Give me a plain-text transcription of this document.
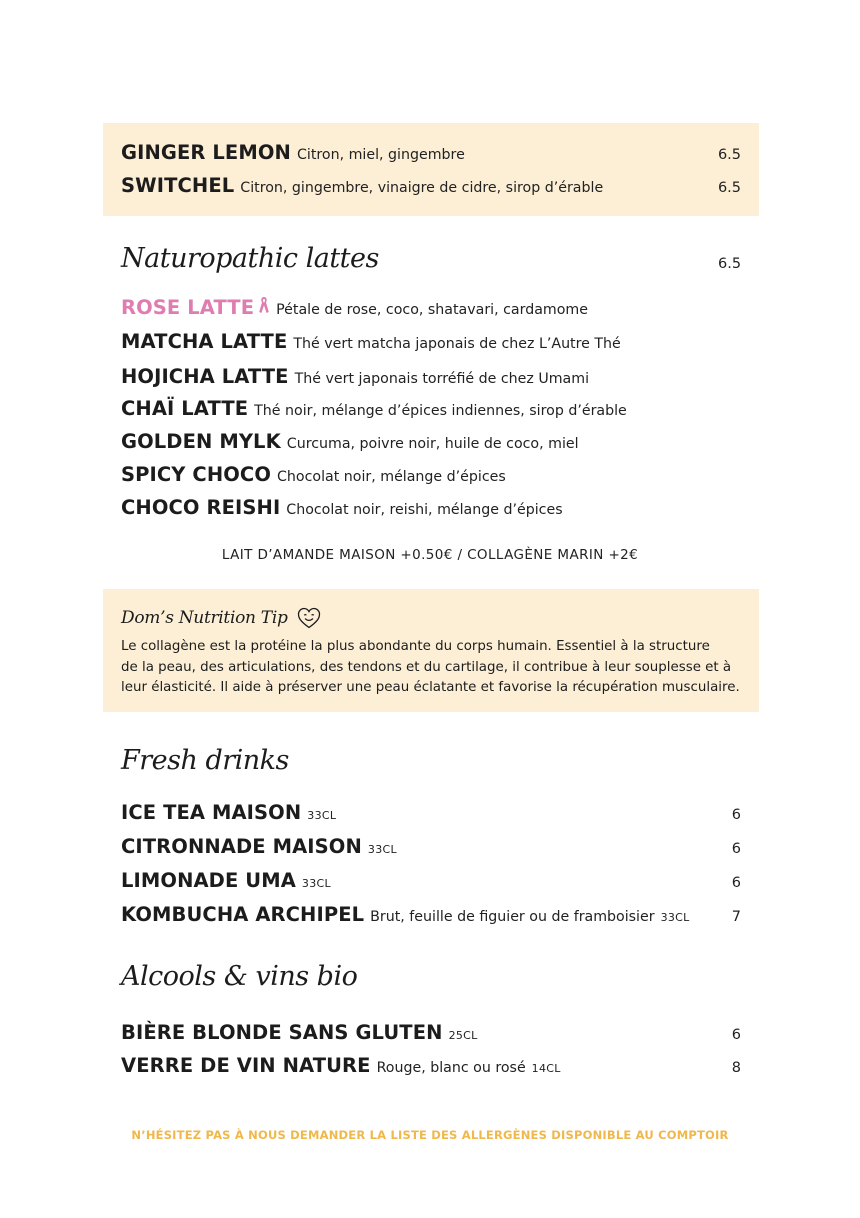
GINGER LEMON Citron, miel, gingembre	6.5
SWITCHEL Citron, gingembre, vinaigre de cidre, sirop d’érable	6.5
Naturopathic lattes	6.5
ROSE LATTE Pétale de rose, coco, shatavari, cardamome
MATCHA LATTE Thé vert matcha japonais de chez L’Autre Thé
HOJICHA LATTE Thé vert japonais torréfié de chez Umami
CHAÏ LATTE Thé noir, mélange d’épices indiennes, sirop d’érable
GOLDEN MYLK Curcuma, poivre noir, huile de coco, miel
SPICY CHOCO Chocolat noir, mélange d’épices
CHOCO REISHI Chocolat noir, reishi, mélange d’épices
LAIT D’AMANDE MAISON +0.50€ / COLLAGÈNE MARIN +2€
Dom’s Nutrition Tip
Le collagène est la protéine la plus abondante du corps humain. Essentiel à la structure
de la peau, des articulations, des tendons et du cartilage, il contribue à leur souplesse et à
leur élasticité. Il aide à préserver une peau éclatante et favorise la récupération musculaire.
Fresh drinks
ICE TEA MAISON 33CL	6
CITRONNADE MAISON 33CL	6
LIMONADE UMA 33CL	6
KOMBUCHA ARCHIPEL Brut, feuille de figuier ou de framboisier 33CL	7
Alcools & vins bio
BIÈRE BLONDE SANS GLUTEN 25CL	6
VERRE DE VIN NATURE Rouge, blanc ou rosé 14CL	8
N’HÉSITEZ PAS À NOUS DEMANDER LA LISTE DES ALLERGÈNES DISPONIBLE AU COMPTOIR
